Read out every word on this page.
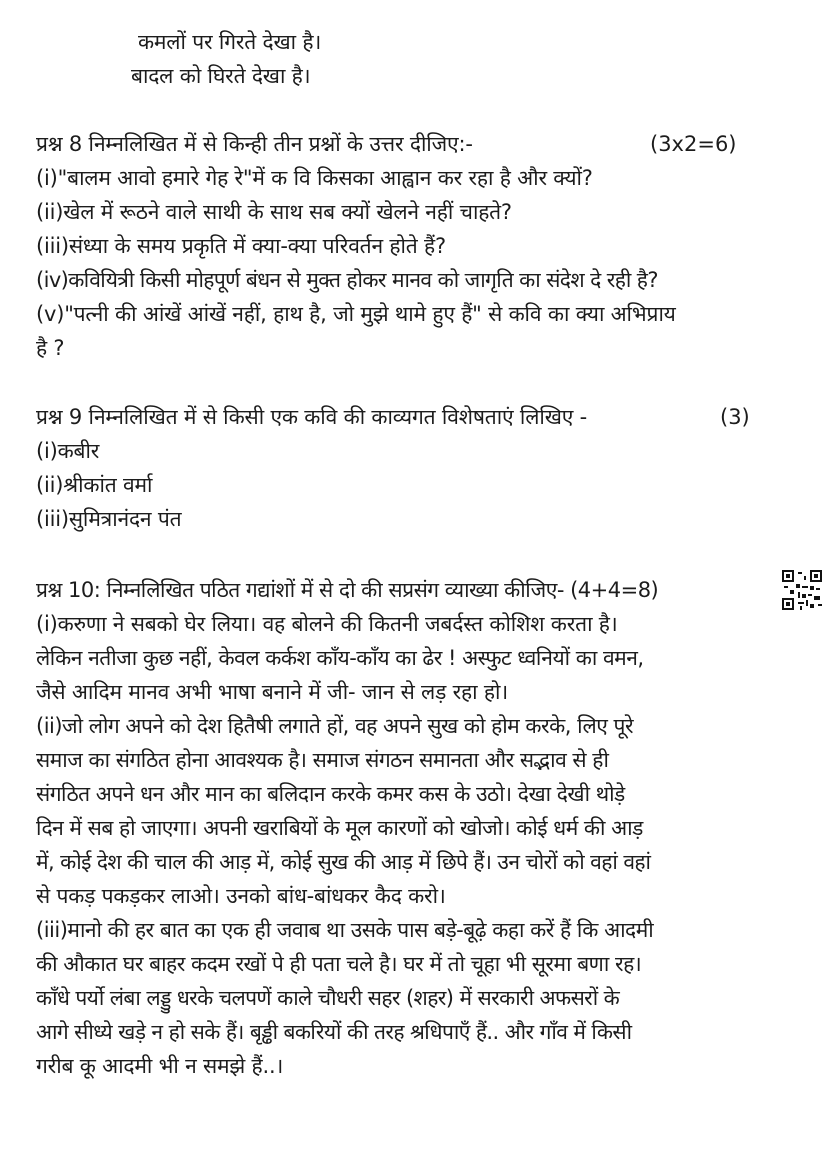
कमलों पर गिरते देखा है।
बादल को घिरते देखा है।
प्रश्न 8 निम्नलिखित में से किन्ही तीन प्रश्नों के उत्तर दीजिए:-	(3x2=6)
(i)"बालम आवो हमारे गेह रे"में क वि किसका आह्वान कर रहा है और क्यों?
(ii)खेल में रूठने वाले साथी के साथ सब क्यों खेलने नहीं चाहते?
(iii)संध्या के समय प्रकृति में क्या-क्या परिवर्तन होते हैं?
(iv)कवियित्री किसी मोहपूर्ण बंधन से मुक्त होकर मानव को जागृति का संदेश दे रही है?
(v)"पत्नी की आंखें आंखें नहीं, हाथ है, जो मुझे थामे हुए हैं" से कवि का क्या अभिप्राय
है ?
प्रश्न 9 निम्नलिखित में से किसी एक कवि की काव्यगत विशेषताएं लिखिए -	(3)
(i)कबीर
(ii)श्रीकांत वर्मा
(iii)सुमित्रानंदन पंत
प्रश्न 10: निम्नलिखित पठित गद्यांशों में से दो की सप्रसंग व्याख्या कीजिए- (4+4=8)
(i)करुणा ने सबको घेर लिया। वह बोलने की कितनी जबर्दस्त कोशिश करता है।
लेकिन नतीजा कुछ नहीं, केवल कर्कश काँय-काँय का ढेर ! अस्फुट ध्वनियों का वमन,
जैसे आदिम मानव अभी भाषा बनाने में जी- जान से लड़ रहा हो।
(ii)जो लोग अपने को देश हितैषी लगाते हों, वह अपने सुख को होम करके, लिए पूरे
समाज का संगठित होना आवश्यक है। समाज संगठन समानता और सद्भाव से ही
संगठित अपने धन और मान का बलिदान करके कमर कस के उठो। देखा देखी थोड़े
दिन में सब हो जाएगा। अपनी खराबियों के मूल कारणों को खोजो। कोई धर्म की आड़
में, कोई देश की चाल की आड़ में, कोई सुख की आड़ में छिपे हैं। उन चोरों को वहां वहां
से पकड़ पकड़कर लाओ। उनको बांध-बांधकर कैद करो।
(iii)मानो की हर बात का एक ही जवाब था उसके पास बड़े-बूढ़े कहा करें हैं कि आदमी
की औकात घर बाहर कदम रखों पे ही पता चले है। घर में तो चूहा भी सूरमा बणा रह।
काँधे पर्यो लंबा लड्डु धरके चलपणें काले चौधरी सहर (शहर) में सरकारी अफसरों के
आगे सीध्ये खड़े न हो सके हैं। बृड्ढी बकरियों की तरह श्रधिपाएँ हैं.. और गाँव में किसी
गरीब कू आदमी भी न समझे हैं..।
